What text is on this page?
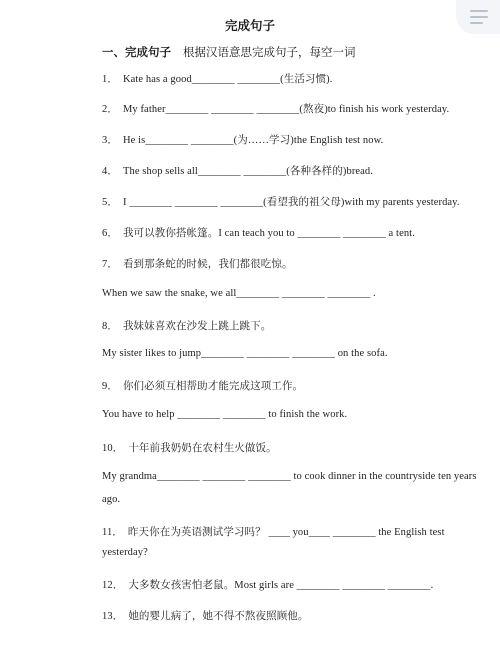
完成句子
一、完成句子 根据汉语意思完成句子，每空一词
1． Kate has a good________ ________(生活习惯).
2． My father________ ________ ________(熬夜)to finish his work yesterday.
3． He is________ ________(为……学习)the English test now.
4． The shop sells all________ ________(各种各样的)bread.
5． I ________ ________ ________(看望我的祖父母)with my parents yesterday.
6． 我可以教你搭帐篷。I can teach you to ________ ________ a tent.
7． 看到那条蛇的时候，我们都很吃惊。
When we saw the snake, we all________ ________ ________ .
8． 我妹妹喜欢在沙发上跳上跳下。
My sister likes to jump________ ________ ________ on the sofa.
9． 你们必须互相帮助才能完成这项工作。
You have to help ________ ________ to finish the work.
10． 十年前我奶奶在农村生火做饭。
My grandma________ ________ ________ to cook dinner in the countryside ten years
ago.
11． 昨天你在为英语测试学习吗？ ____ you____ ________ the English test
yesterday?
12． 大多数女孩害怕老鼠。Most girls are ________ ________ ________.
13． 她的婴儿病了，她不得不熬夜照顾他。
